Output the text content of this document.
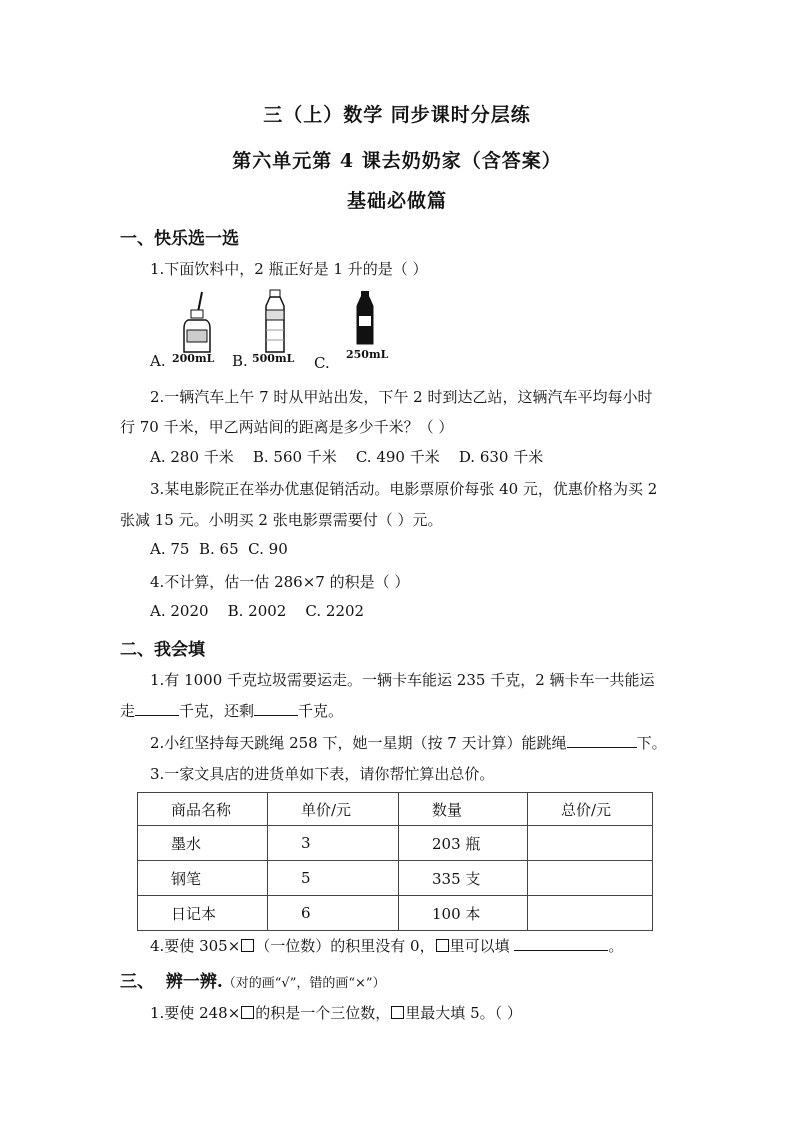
三（上）数学 同步课时分层练
第六单元第 4 课去奶奶家（含答案）
基础必做篇
一、快乐选一选
1.下面饮料中，2 瓶正好是 1 升的是（ ）
A. 200mL B. 500mL C. 250mL
2.一辆汽车上午 7 时从甲站出发，下午 2 时到达乙站，这辆汽车平均每小时
行 70 千米，甲乙两站间的距离是多少千米？（ ）
A. 280 千米    B. 560 千米    C. 490 千米    D. 630 千米
3.某电影院正在举办优惠促销活动。电影票原价每张 40 元，优惠价格为买 2
张减 15 元。小明买 2 张电影票需要付（ ）元。
A. 75  B. 65  C. 90
4.不计算，估一估 286×7 的积是（ ）
A. 2020    B. 2002    C. 2202
二、我会填
1.有 1000 千克垃圾需要运走。一辆卡车能运 235 千克，2 辆卡车一共能运
走	千克，还剩	千克。
2.小红坚持每天跳绳 258 下，她一星期（按 7 天计算）能跳绳	下。
3.一家文具店的进货单如下表，请你帮忙算出总价。
商品名称	单价/元	数量	总价/元
墨水	3	203 瓶	
钢笔	5	335 支	
日记本	6	100 本	
4.要使 305× （一位数）的积里没有 0， 里可以填	。
三、  辨一辨.（对的画“√”，错的画“×”）
1.要使 248× 的积是一个三位数， 里最大填 5。（ ）
